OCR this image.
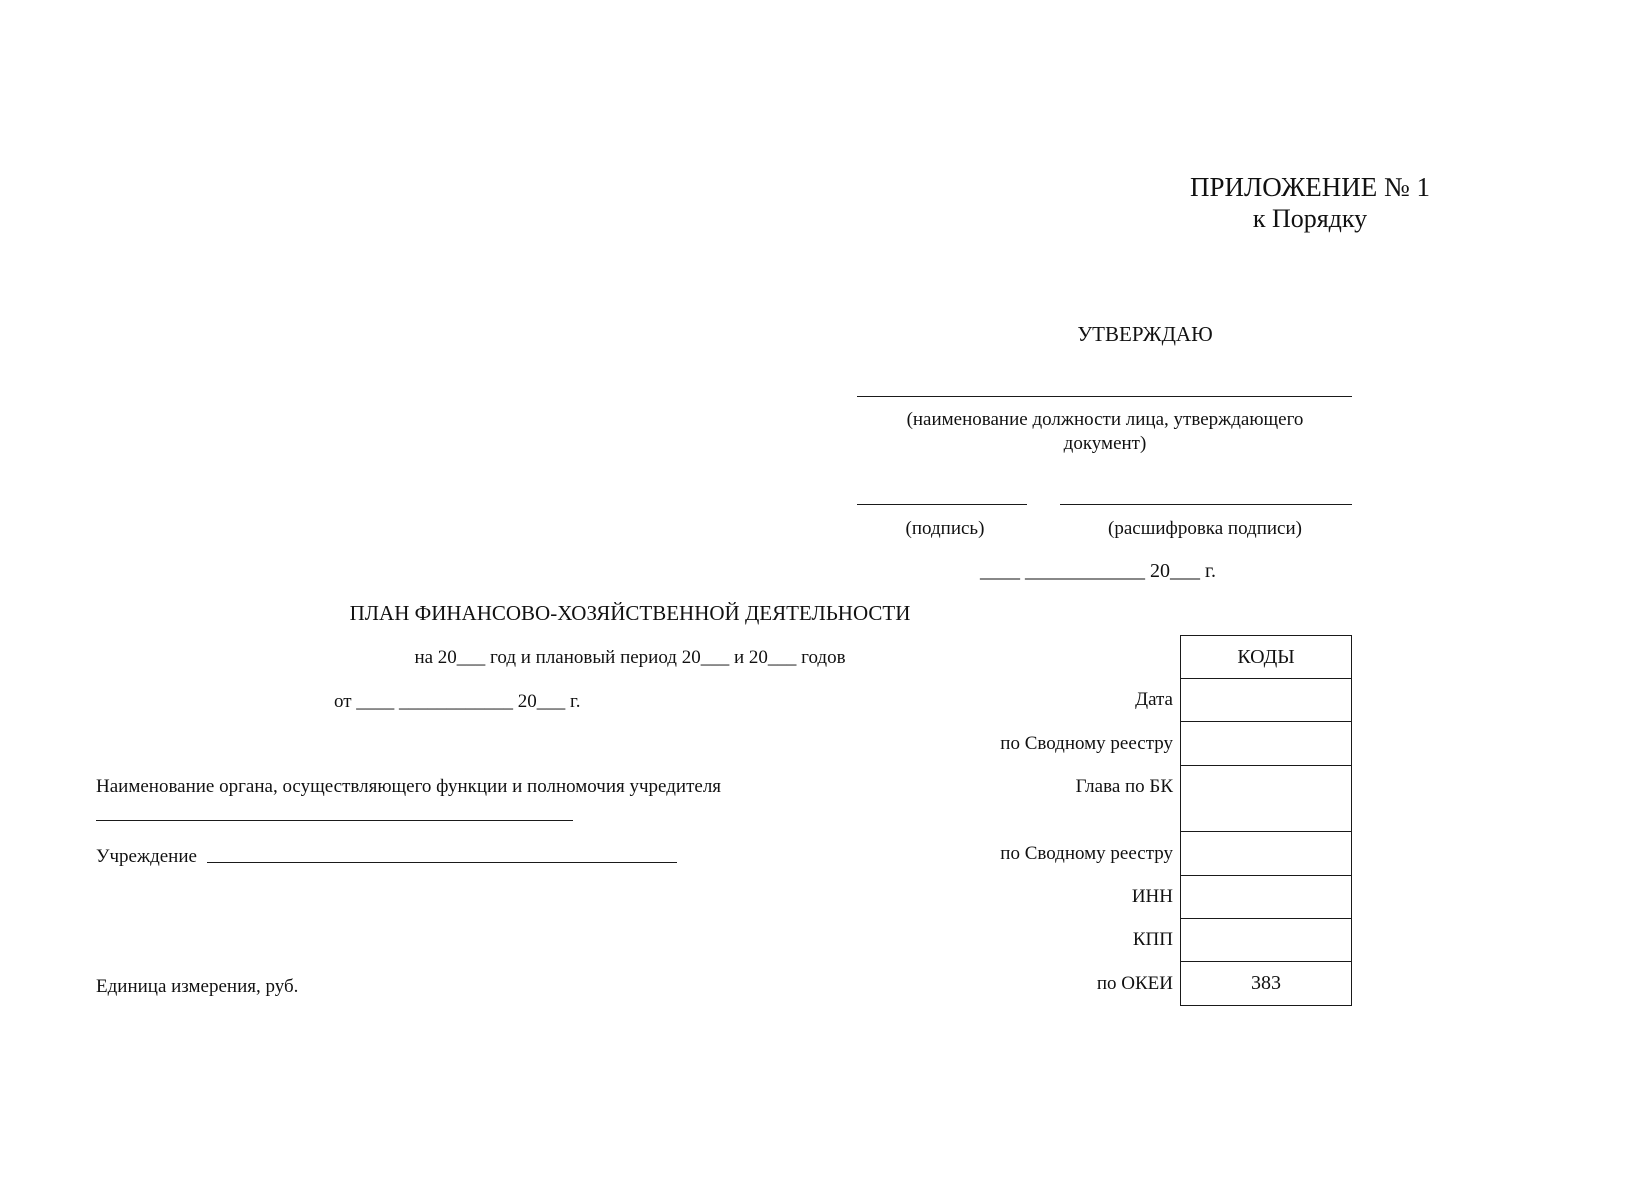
ПРИЛОЖЕНИЕ № 1
к Порядку
УТВЕРЖДАЮ
(наименование должности лица, утверждающего документ)
(подпись)	(расшифровка подписи)
____ ____________ 20___ г.
ПЛАН ФИНАНСОВО-ХОЗЯЙСТВЕННОЙ ДЕЯТЕЛЬНОСТИ
на 20___ год и плановый период 20___ и 20___ годов
от ____ ____________ 20___ г.
Наименование органа, осуществляющего функции и полномочия учредителя
Учреждение
Единица измерения, руб.
КОДЫ
383
Дата
по Сводному реестру
Глава по БК
по Сводному реестру
ИНН
КПП
по ОКЕИ
